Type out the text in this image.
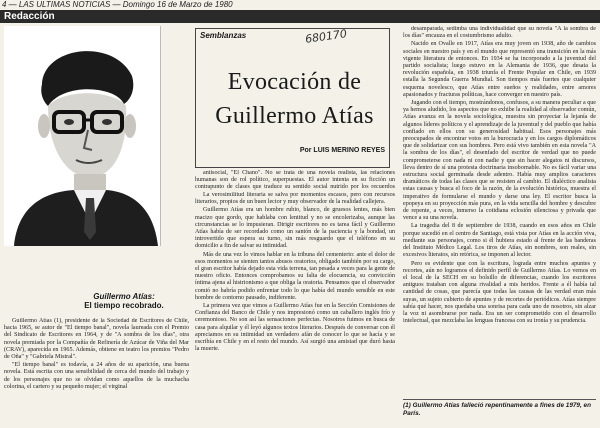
4 — LAS ULTIMAS NOTICIAS — Domingo 16 de Marzo de 1980
Redacción
Guillermo Atías:
El tiempo recobrado.
Semblanzas
Evocación de
Guillermo Atías
Por LUIS MERINO REYES
680170

Guillermo Atías (1), presidente de la Sociedad de Escritores de Chile, hacia 1965, se autor de "El tiempo banal", novela laureada con el Premio del Sindicato de Escritores en 1964, y de "A sombra de los días", otra novela premiada por la Compañía de Refinería de Azúcar de Viña del Mar (CRAV), aparecida en 1965. Además, obtiene en teatro los premios "Pedro de Oña" y "Gabriela Mistral".

"El tiempo banal" es todavía, a 24 años de su aparición, una buena novela. Está escrita con una sensibilidad de cerca del mundo del trabajo y de los personajes que no se olvidan como aquellos de la muchacha colorina, el cartero y su pequeño mujer; el virginal

antisocial, "El Chano". No se trata de una novela realista, las relaciones humanas son de rol político, superpuestas. El autor intenta en su ficción un contrapunto de clases que traduce su sentido social nutrido por los recuerdos

La verosimilitud literaria se salva por momentos escasos, pero con recursos literarios, propios de un buen lector y muy observador de la realidad callejera.

Guillermo Atías era un hombre rubio, blanco, de gruesos lentes, más bien macizo que gordo, que hablaba con lentitud y no se encolerizaba, aunque las circunstancias se lo impusieran. Dirigir escritores no es tarea fácil y Guillermo Atías había de ser recordado como un santón de la paciencia y la bondad, un introvertido que espera su turno, sin más resguardo que el teléfono en su domicilio a fin de salvar su intimidad.

Más de una vez lo vimos hablar en la tribuna del cementerio: ante el dolor de esos momentos se sienten tantos abusos oratorios, obligado también por su cargo, el gran escritor había dejado esta vida terrena, tan pesada a veces para la gente de nuestro oficio. Entonces comprobamos su falta de elocuencia, su convicción íntima ajena al histrionismo a que obliga la oratoria. Pensamos que el observador comió no habría podido enfrentar todo lo que había del mundo sensible en este hombre de contorno pausado, indiferente.

La primera vez que vimos a Guillermo Atías fue en la Sección Comisiones de Confianza del Banco de Chile y nos impresionó como un caballero inglés frío y ceremonioso. No son así las sensaciones perfectas. Nosotros fuimos en busca de casa para alquilar y él leyó algunos textos literarios. Después de conversar con él apreciamos en su intimidad un verdadero afán de conocer lo que se hacía y se escribía en Chile y en el resto del mundo. Así surgió una amistad que duró hasta la muerte.

desamparada, sedimba una individualidad que su novela "A la sombra de los días" encauza en el costumbrismo adulto.

Nacido en Ovalle en 1917, Atías era muy joven en 1938, año de cambios sociales en nuestro país y en el mundo que representó una transición en la más vigente literatura de entonces. En 1934 se ha incorporado a la juventud del partido socialista; luego estuvo en la Alemania de 1936, que desata la revolución española, en 1938 triunfa el Frente Popular en Chile, en 1939 estalla la Segunda Guerra Mundial. Son tiempos más fuertes que cualquier esquema novelesco, que Atías entre sueños y realidades, entre amores apasionados y fracturas políticas, hace converger en nuestro país.

Jugando con el tiempo, mostrándonos, confusos, a su manera peculiar a que ya hemos aludido, los aspectos que no exhibe la realidad al observador común, Atías avanza en la novela sociológica, muestra sin proyectar la lejanía de algunos líderes políticos y el aprendizaje de la juventud y del pueblo que había confiado en ellos con su generosidad habitual. Esos personajes más preocupados de encontrar votos en la burocracia y en los cargos diplomáticos que de solidarizar con sus hombres. Pero está vivo también en esta novela "A la sombra de los días", el desenfado del escritor de verdad que no puede comprometerse con nada ni con nadie y que sin hacer alegatos ni discursos, lleva dentro de sí una protesta doctrinaria insobornable. No es fácil variar una estructura social germinada desde adentro. Había muy amplios caracteres dramáticos de todas las clases que se resisten al cambio. El dialéctico analista estas causas y busca el foco de la razón, de la evolución histórica, muestra el imperativo de formularse el mundo y darse una ley. El escritor busca la epopeya en su proyección más pura, en la vida sencilla del hombre y descubre de repente, a veces, inmerso la cotidiana eclosión silenciosa y privada que vence a su una novela.

La tragedia del 8 de septiembre de 1938, cuando en esos años en Chile porque sucedió en el centro de Santiago, está vista por Atías en la acción viva, mediante sus personajes, como si él hubiera estado al frente de las banderas del Instituto Médico Legal. Los tiros de Atías, sin nombres, son reales, sin excesivos literatos, sin retórica, se imponen al lector.

Pero es evidente que con la escritura, lograda entre muchos apuntes y recortes, aún no logramos el definido perfil de Guillermo Atías. Lo vemos en el local de la SECH en su bolsillo de diferencias, cuando los escritores antiguos trataban con alguna rivalidad a mis heridos. Frente a él había tal cantidad de cosas, que parecía que todas las causas de las verdad eran más suyas, un sujeto cubierto de apuntes y de recortes de periódicos. Atías siempre sabía qué hacer, nos quedaba una sonrisa para cada uno de nosotros, sin alzar la voz ni asombrarse por nada. Era un ser comprometido con el desarrollo intelectual, que mezclaba las lenguas francesa con su ironía y su prudencia.

(1) Guillermo Atías falleció repentinamente a fines de 1979, en París.
